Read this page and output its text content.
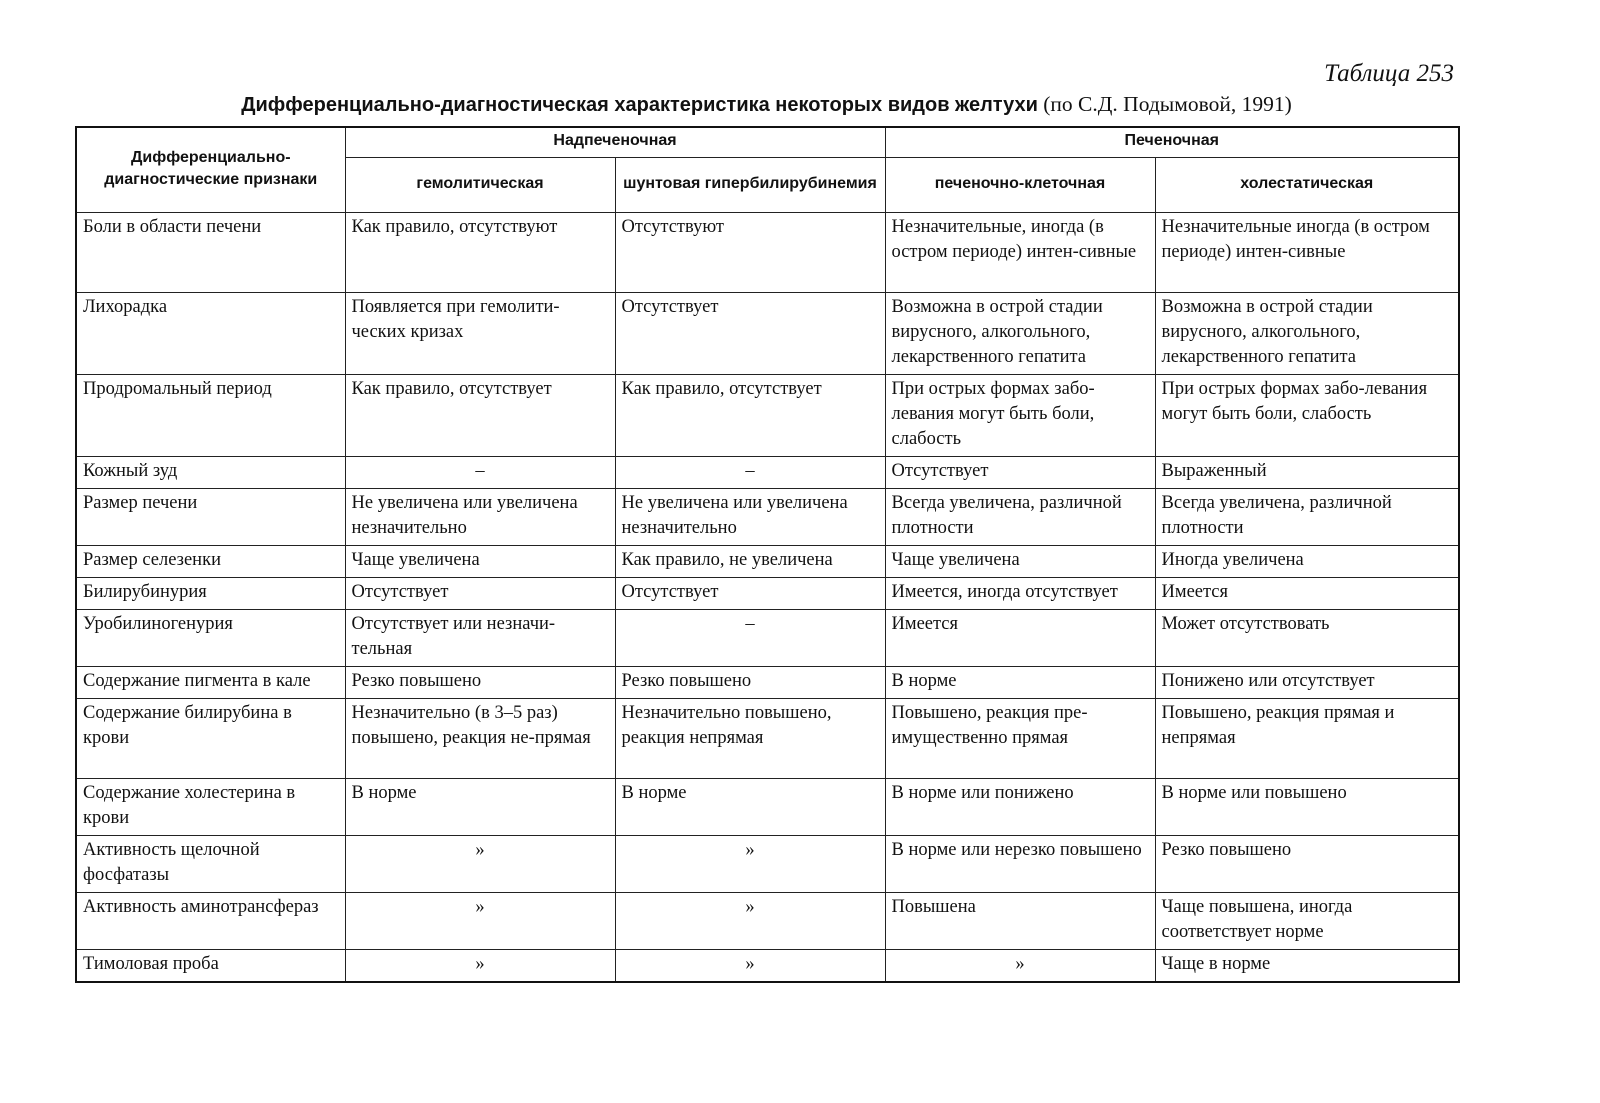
Таблица 253
Дифференциально-диагностическая характеристика некоторых видов желтухи (по С.Д. Подымовой, 1991)
Дифференциально-диагностические признаки	Надпеченочная		Печеночная	
	гемолитическая	шунтовая гипербилирубинемия	печеночно-клеточная	холестатическая
Боли в области печени	Как правило, отсутствуют	Отсутствуют	Незначительные, иногда (в остром периоде) интен-сивные	Незначительные иногда (в остром периоде) интен-сивные
Лихорадка	Появляется при гемолити-ческих кризах	Отсутствует	Возможна в острой стадии вирусного, алкогольного, лекарственного гепатита	Возможна в острой стадии вирусного, алкогольного, лекарственного гепатита
Продромальный период	Как правило, отсутствует	Как правило, отсутствует	При острых формах забо-левания могут быть боли, слабость	При острых формах забо-левания могут быть боли, слабость
Кожный зуд	–	–	Отсутствует	Выраженный
Размер печени	Не увеличена или увеличена незначительно	Не увеличена или увеличена незначительно	Всегда увеличена, различной плотности	Всегда увеличена, различной плотности
Размер селезенки	Чаще увеличена	Как правило, не увеличена	Чаще увеличена	Иногда увеличена
Билирубинурия	Отсутствует	Отсутствует	Имеется, иногда отсутствует	Имеется
Уробилиногенурия	Отсутствует или незначи-тельная	–	Имеется	Может отсутствовать
Содержание пигмента в кале	Резко повышено	Резко повышено	В норме	Понижено или отсутствует
Содержание билирубина в крови	Незначительно (в 3–5 раз) повышено, реакция не-прямая	Незначительно повышено, реакция непрямая	Повышено, реакция пре-имущественно прямая	Повышено, реакция прямая и непрямая
Содержание холестерина в крови	В норме	В норме	В норме или понижено	В норме или повышено
Активность щелочной фосфатазы	»	»	В норме или нерезко повышено	Резко повышено
Активность аминотрансфераз	»	»	Повышена	Чаще повышена, иногда соответствует норме
Тимоловая проба	»	»	»	Чаще в норме
